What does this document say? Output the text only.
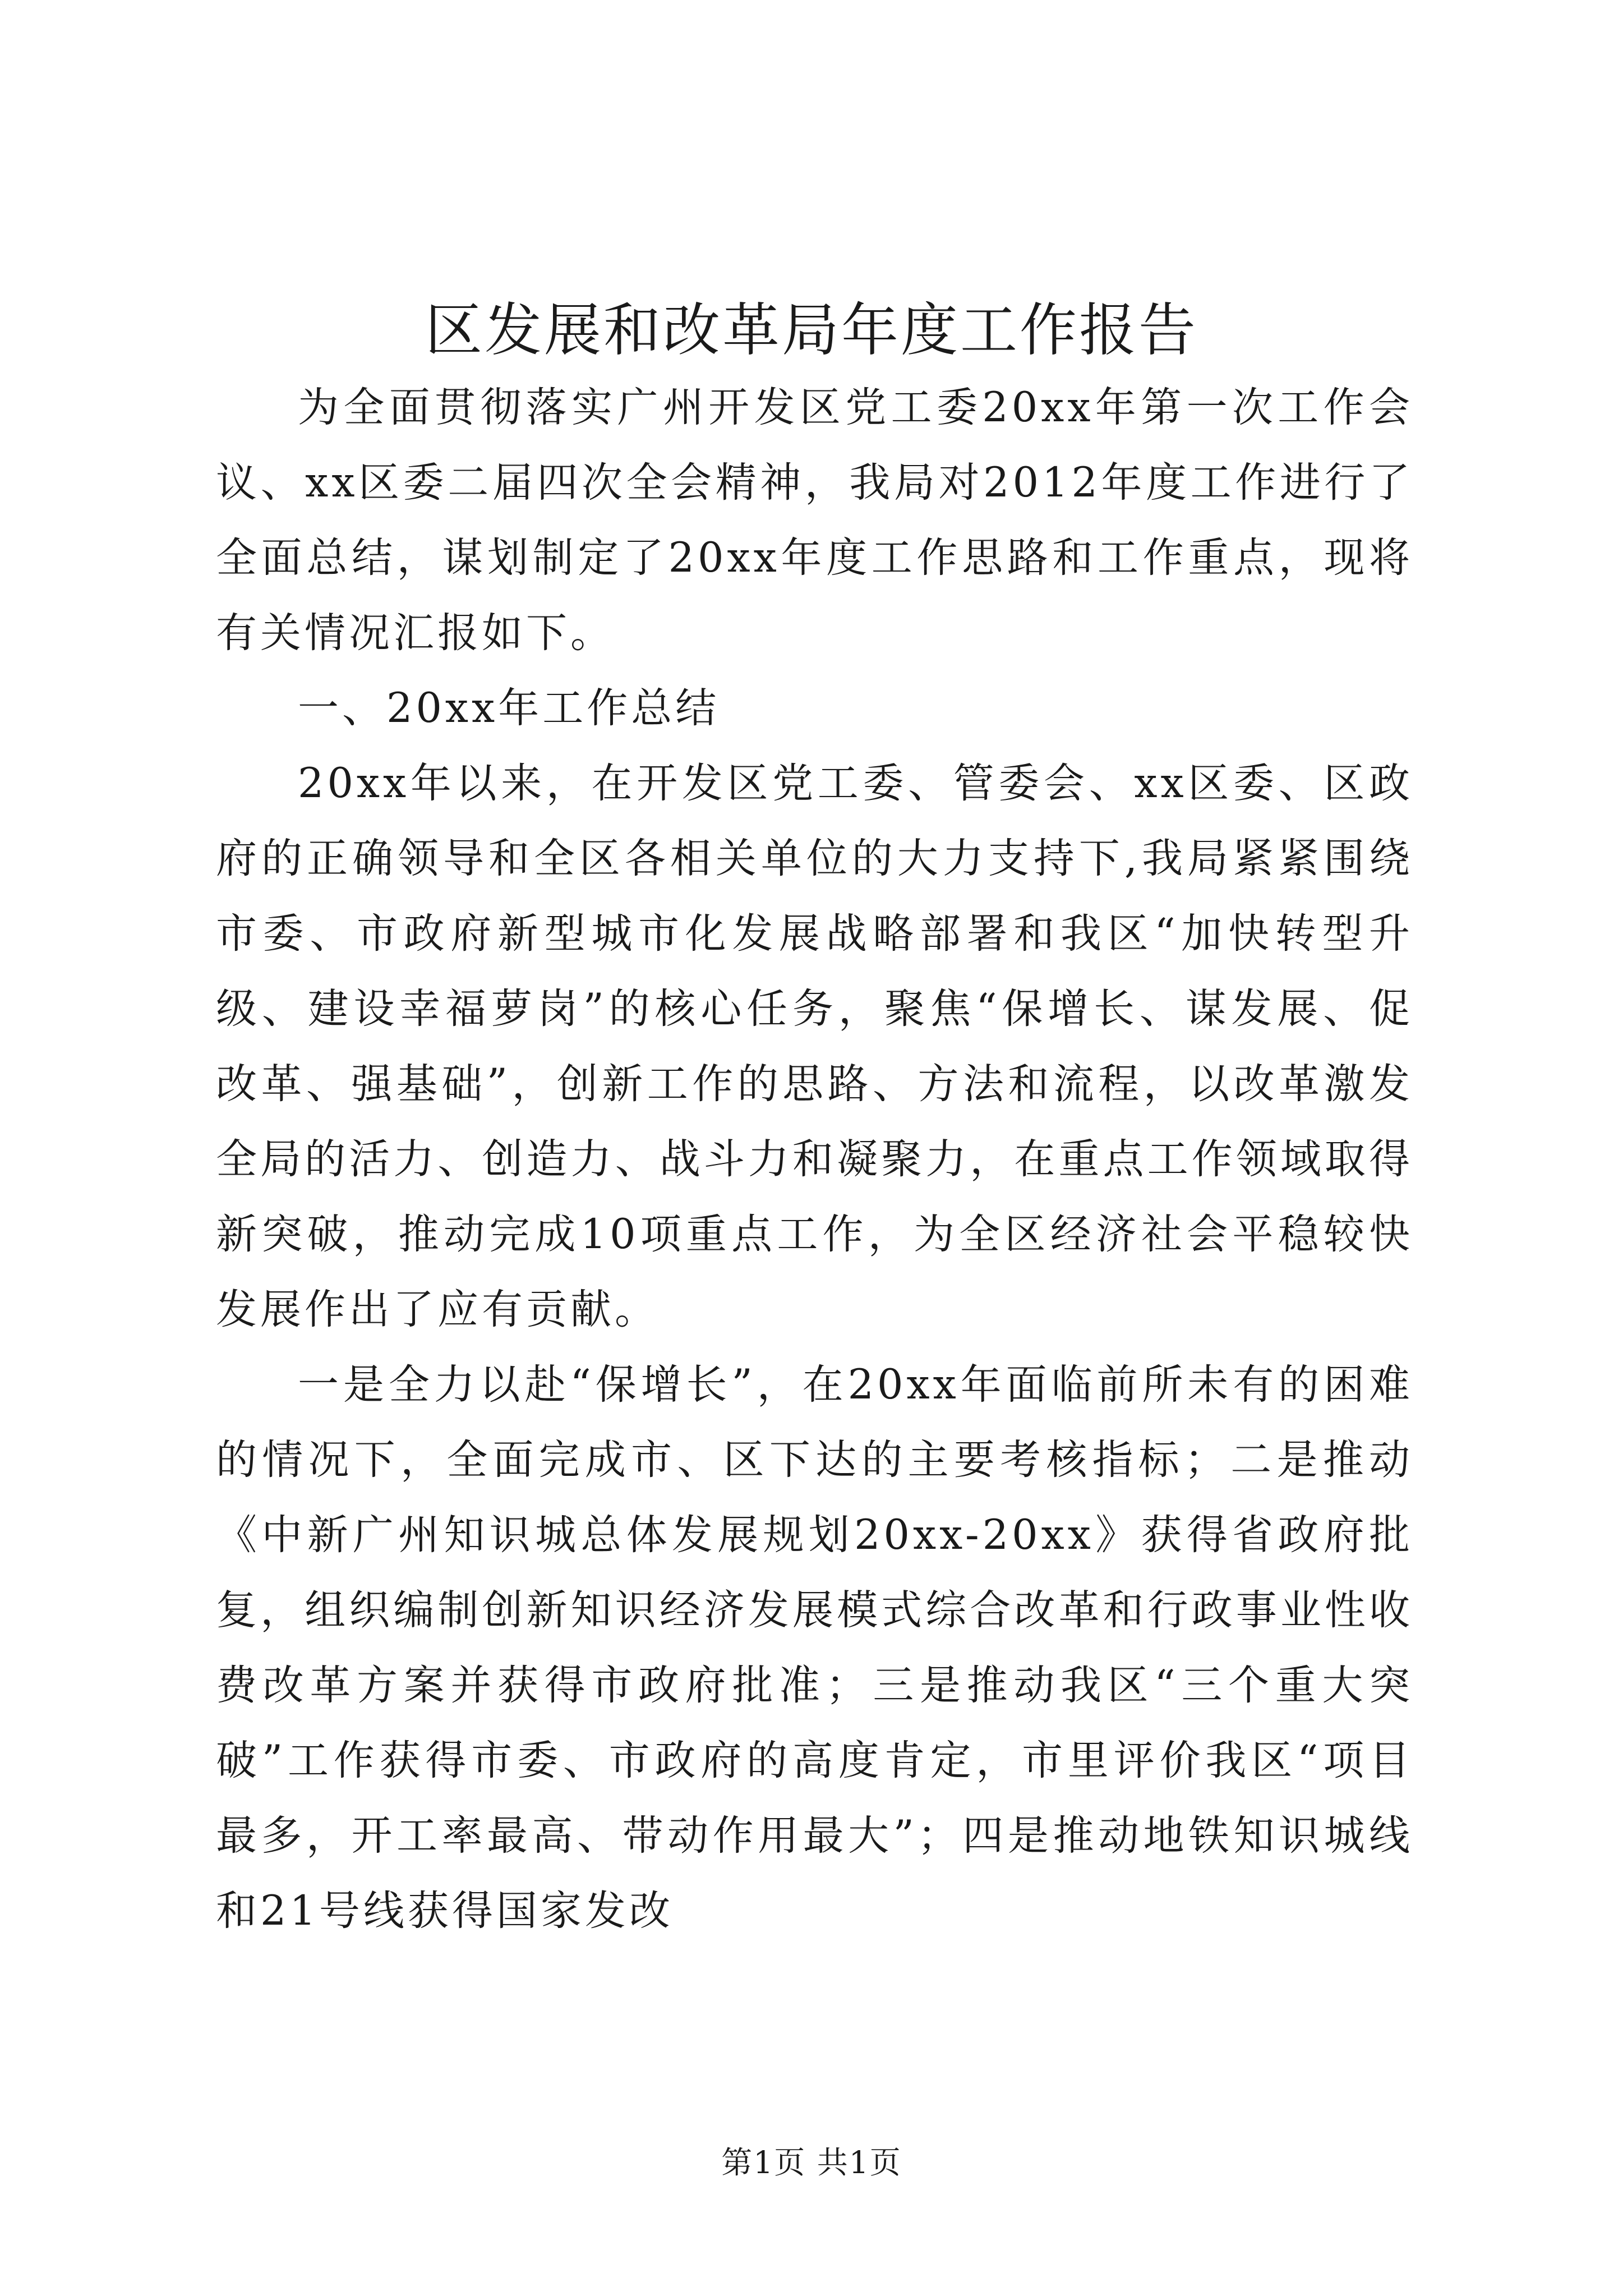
区发展和改革局年度工作报告

为全面贯彻落实广州开发区党工委20xx年第一次工作会议、xx区委二届四次全会精神，我局对2012年度工作进行了全面总结，谋划制定了20xx年度工作思路和工作重点，现将有关情况汇报如下。

一、20xx年工作总结

20xx年以来，在开发区党工委、管委会、xx区委、区政府的正确领导和全区各相关单位的大力支持下,我局紧紧围绕市委、市政府新型城市化发展战略部署和我区“加快转型升级、建设幸福萝岗”的核心任务，聚焦“保增长、谋发展、促改革、强基础”，创新工作的思路、方法和流程，以改革激发全局的活力、创造力、战斗力和凝聚力，在重点工作领域取得新突破，推动完成10项重点工作，为全区经济社会平稳较快发展作出了应有贡献。

一是全力以赴“保增长”，在20xx年面临前所未有的困难的情况下，全面完成市、区下达的主要考核指标；二是推动《中新广州知识城总体发展规划20xx-20xx》获得省政府批复，组织编制创新知识经济发展模式综合改革和行政事业性收费改革方案并获得市政府批准；三是推动我区“三个重大突破”工作获得市委、市政府的高度肯定，市里评价我区“项目最多，开工率最高、带动作用最大”；四是推动地铁知识城线和21号线获得国家发改

第1页 共1页
